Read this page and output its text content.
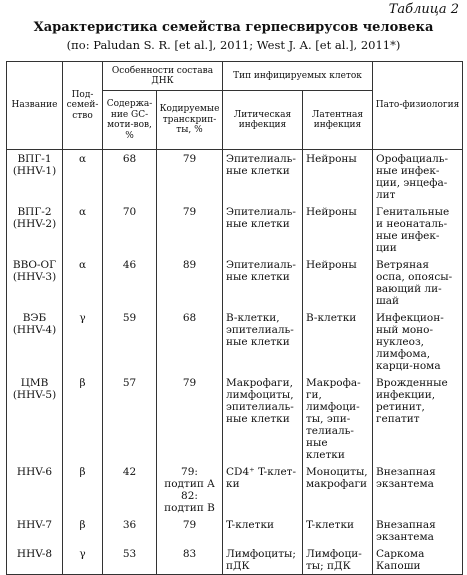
Таблица 2
Характеристика семейства герпесвирусов человека
(по: Paludan S. R. [et al.], 2011; West J. A. [et al.], 2011*)
Название	Под-семей-ство	Особенности состава ДНК		Тип инфицируемых клеток		Пато-физиология
		Содержа-ние GC-моти-вов, %	Кодируемые транскрип-ты, %	Литическая инфекция	Латентная инфекция	
ВПГ-1 (HHV-1)	α	68	79	Эпителиаль-ные клетки	Нейроны	Орофациаль-ные инфек-ции, энцефа-лит
ВПГ-2 (HHV-2)	α	70	79	Эпителиаль-ные клетки	Нейроны	Генитальные и неонаталь-ные инфек-ции
ВВО-ОГ (HHV-3)	α	46	89	Эпителиаль-ные клетки	Нейроны	Ветряная оспа, опоясы-вающий ли-шай
ВЭБ (HHV-4)	γ	59	68	B-клетки, эпителиаль-ные клетки	B-клетки	Инфекцион-ный моно-нуклеоз, лимфома, карци-нома
ЦМВ (HHV-5)	β	57	79	Макрофаги, лимфоциты, эпителиаль-ные клетки	Макрофа-ги, лимфоци-ты, эпи-телиаль-ные клетки	Врожденные инфекции, ретинит, гепатит
HHV-6	β	42	79: подтип A 82: подтип B	CD4⁺ T-клет-ки	Моноциты, макрофаги	Внезапная экзантема
HHV-7	β	36	79	T-клетки	T-клетки	Внезапная экзантема
HHV-8	γ	53	83	Лимфоциты; пДК	Лимфоци-ты; пДК	Саркома Капоши
